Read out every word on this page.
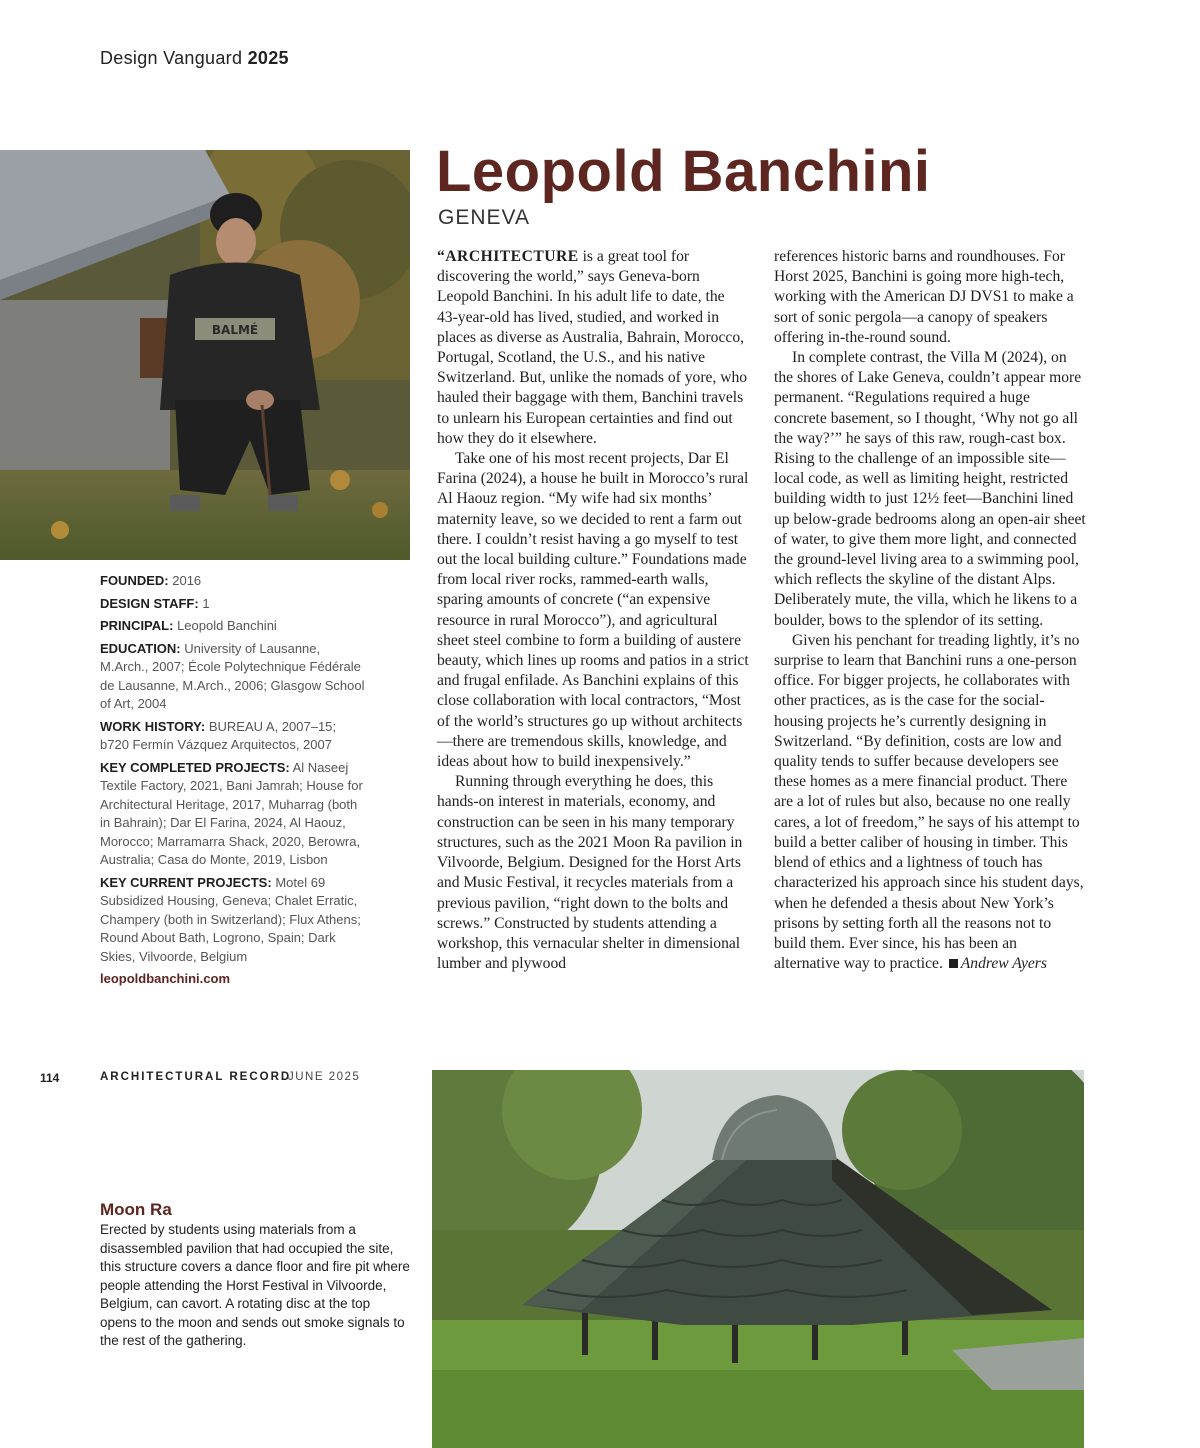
Design Vanguard 2025
BALMÉ
Leopold Banchini
GENEVA

“ARCHITECTURE is a great tool for discovering the world,” says Geneva-born Leopold Banchini. In his adult life to date, the 43-year-old has lived, studied, and worked in places as diverse as Australia, Bahrain, Morocco, Portugal, Scotland, the U.S., and his native Switzerland. But, unlike the nomads of yore, who hauled their baggage with them, Banchini travels to unlearn his European certainties and find out how they do it elsewhere.

Take one of his most recent projects, Dar El Farina (2024), a house he built in Morocco’s rural Al Haouz region. “My wife had six months’ maternity leave, so we decided to rent a farm out there. I couldn’t resist having a go myself to test out the local building culture.” Foundations made from local river rocks, rammed-earth walls, sparing amounts of concrete (“an expensive resource in rural Morocco”), and agricultural sheet steel combine to form a building of austere beauty, which lines up rooms and patios in a strict and frugal enfilade. As Banchini explains of this close collaboration with local contractors, “Most of the world’s structures go up without architects—there are tremendous skills, knowledge, and ideas about how to build inexpensively.”

Running through everything he does, this hands-on interest in materials, economy, and construction can be seen in his many temporary structures, such as the 2021 Moon Ra pavilion in Vilvoorde, Belgium. Designed for the Horst Arts and Music Festival, it recycles materials from a previous pavilion, “right down to the bolts and screws.” Constructed by students attending a workshop, this vernacular shelter in dimensional lumber and plywood

references historic barns and roundhouses. For Horst 2025, Banchini is going more high-tech, working with the American DJ DVS1 to make a sort of sonic pergola—a canopy of speakers offering in-the-round sound.

In complete contrast, the Villa M (2024), on the shores of Lake Geneva, couldn’t appear more permanent. “Regulations required a huge concrete basement, so I thought, ‘Why not go all the way?’” he says of this raw, rough-cast box. Rising to the challenge of an impossible site—local code, as well as limiting height, restricted building width to just 12½ feet—Banchini lined up below-grade bedrooms along an open-air sheet of water, to give them more light, and connected the ground-level living area to a swimming pool, which reflects the skyline of the distant Alps. Deliberately mute, the villa, which he likens to a boulder, bows to the splendor of its setting.

Given his penchant for treading lightly, it’s no surprise to learn that Banchini runs a one-person office. For bigger projects, he collaborates with other practices, as is the case for the social-housing projects he’s currently designing in Switzerland. “By definition, costs are low and quality tends to suffer because developers see these homes as a mere financial product. There are a lot of rules but also, because no one really cares, a lot of freedom,” he says of his attempt to build a better caliber of housing in timber. This blend of ethics and a lightness of touch has characterized his approach since his student days, when he defended a thesis about New York’s prisons by setting forth all the reasons not to build them. Ever since, his has been an alternative way to practice. Andrew Ayers

FOUNDED: 2016
DESIGN STAFF: 1
PRINCIPAL: Leopold Banchini
EDUCATION: University of Lausanne, M.Arch., 2007; École Polytechnique Fédérale de Lausanne, M.Arch., 2006; Glasgow School of Art, 2004
WORK HISTORY: BUREAU A, 2007–15; b720 Fermín Vázquez Arquitectos, 2007
KEY COMPLETED PROJECTS: Al Naseej Textile Factory, 2021, Bani Jamrah; House for Architectural Heritage, 2017, Muharrag (both in Bahrain); Dar El Farina, 2024, Al Haouz, Morocco; Marramarra Shack, 2020, Berowra, Australia; Casa do Monte, 2019, Lisbon
KEY CURRENT PROJECTS: Motel 69 Subsidized Housing, Geneva; Chalet Erratic, Champery (both in Switzerland); Flux Athens; Round About Bath, Logrono, Spain; Dark Skies, Vilvoorde, Belgium
leopoldbanchini.com
Moon Ra
Erected by students using materials from a disassembled pavilion that had occupied the site, this structure covers a dance floor and fire pit where people attending the Horst Festival in Vilvoorde, Belgium, can cavort. A rotating disc at the top opens to the moon and sends out smoke signals to the rest of the gathering.
114	ARCHITECTURAL RECORD
JUNE 2025
